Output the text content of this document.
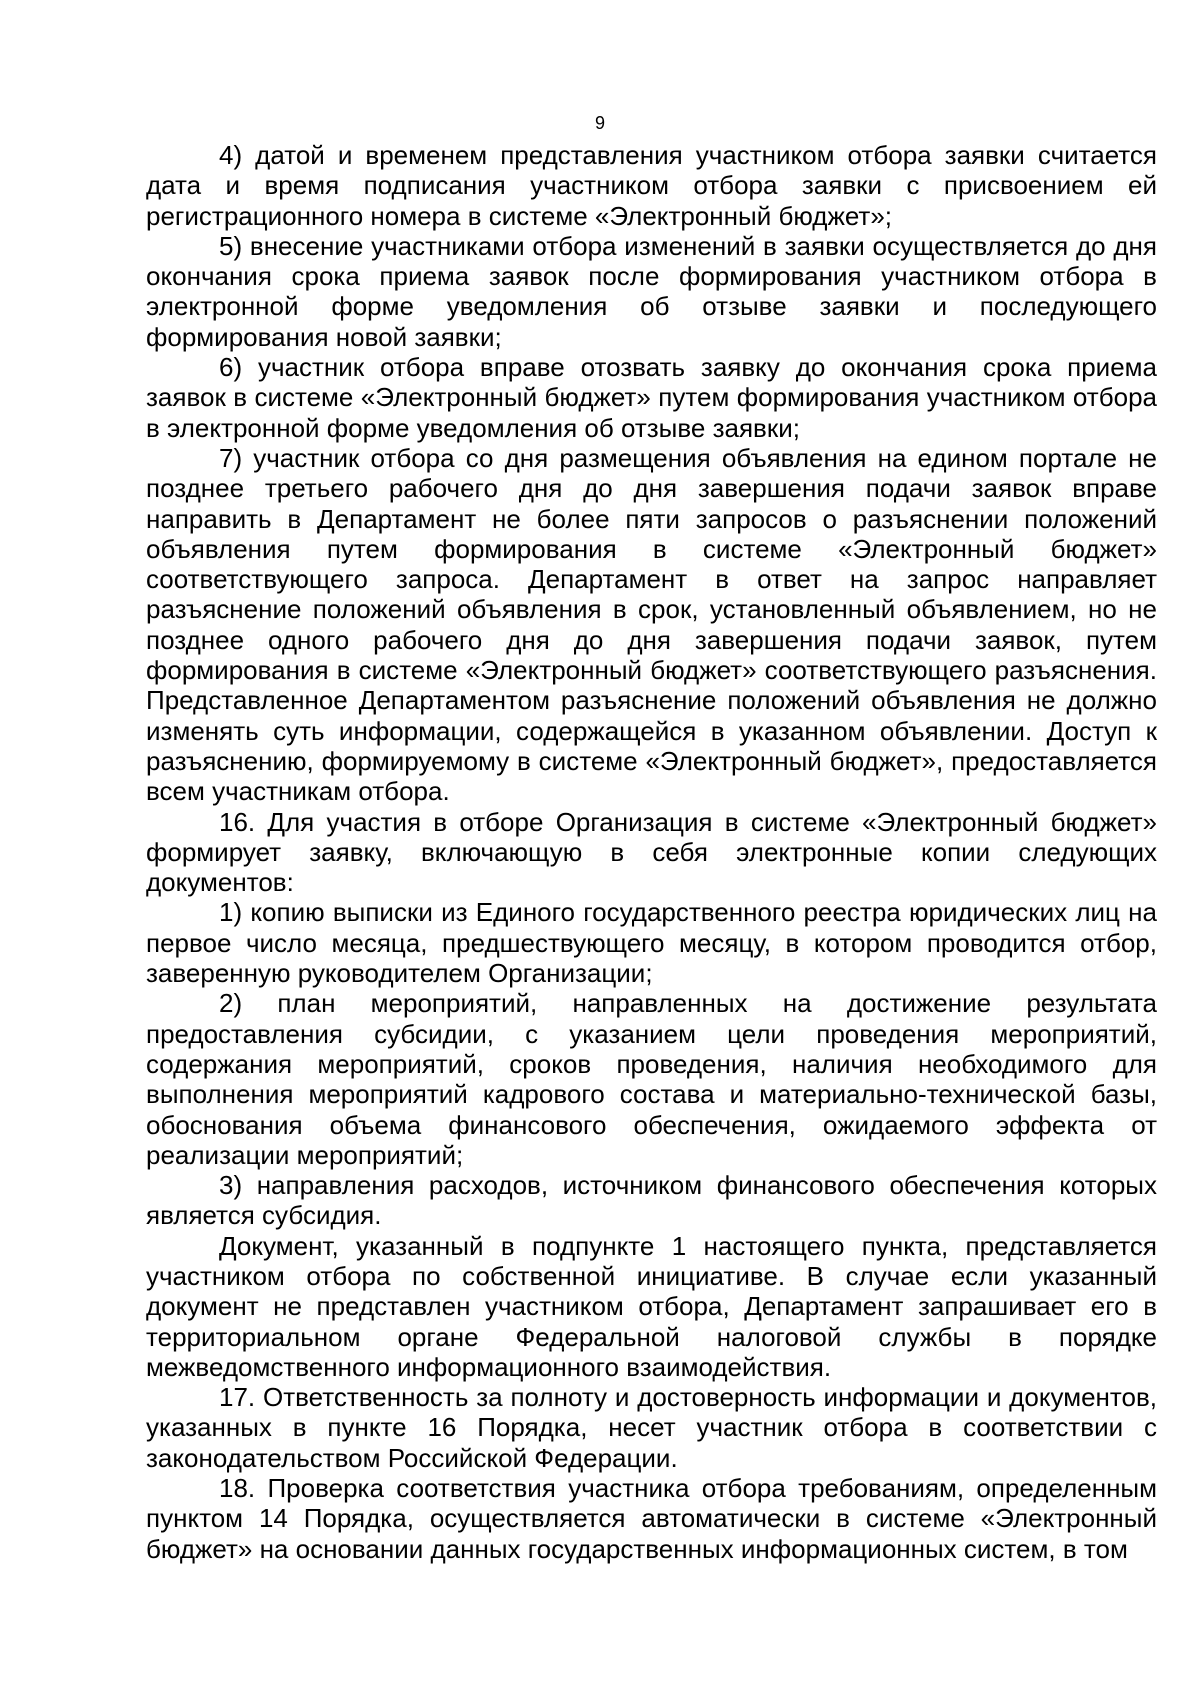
9

4) датой и временем представления участником отбора заявки считается дата и время подписания участником отбора заявки с присвоением ей регистрационного номера в системе «Электронный бюджет»;

5) внесение участниками отбора изменений в заявки осуществляется до дня окончания срока приема заявок после формирования участником отбора в электронной форме уведомления об отзыве заявки и последующего формирования новой заявки;

6) участник отбора вправе отозвать заявку до окончания срока приема заявок в системе «Электронный бюджет» путем формирования участником отбора в электронной форме уведомления об отзыве заявки;

7) участник отбора со дня размещения объявления на едином портале не позднее третьего рабочего дня до дня завершения подачи заявок вправе направить в Департамент не более пяти запросов о разъяснении положений объявления путем формирования в системе «Электронный бюджет» соответствующего запроса. Департамент в ответ на запрос направляет разъяснение положений объявления в срок, установленный объявлением, но не позднее одного рабочего дня до дня завершения подачи заявок, путем формирования в системе «Электронный бюджет» соответствующего разъяснения. Представленное Департаментом разъяснение положений объявления не должно изменять суть информации, содержащейся в указанном объявлении. Доступ к разъяснению, формируемому в системе «Электронный бюджет», предоставляется всем участникам отбора.

16. Для участия в отборе Организация в системе «Электронный бюджет» формирует заявку, включающую в себя электронные копии следующих документов:

1) копию выписки из Единого государственного реестра юридических лиц на первое число месяца, предшествующего месяцу, в котором проводится отбор, заверенную руководителем Организации;

2) план мероприятий, направленных на достижение результата предоставления субсидии, с указанием цели проведения мероприятий, содержания мероприятий, сроков проведения, наличия необходимого для выполнения мероприятий кадрового состава и материально-технической базы, обоснования объема финансового обеспечения, ожидаемого эффекта от реализации мероприятий;

3) направления расходов, источником финансового обеспечения которых является субсидия.

Документ, указанный в подпункте 1 настоящего пункта, представляется участником отбора по собственной инициативе. В случае если указанный документ не представлен участником отбора, Департамент запрашивает его в территориальном органе Федеральной налоговой службы в порядке межведомственного информационного взаимодействия.

17. Ответственность за полноту и достоверность информации и документов, указанных в пункте 16 Порядка, несет участник отбора в соответствии с законодательством Российской Федерации.

18. Проверка соответствия участника отбора требованиям, определенным пунктом 14 Порядка, осуществляется автоматически в системе «Электронный бюджет» на основании данных государственных информационных систем, в том
